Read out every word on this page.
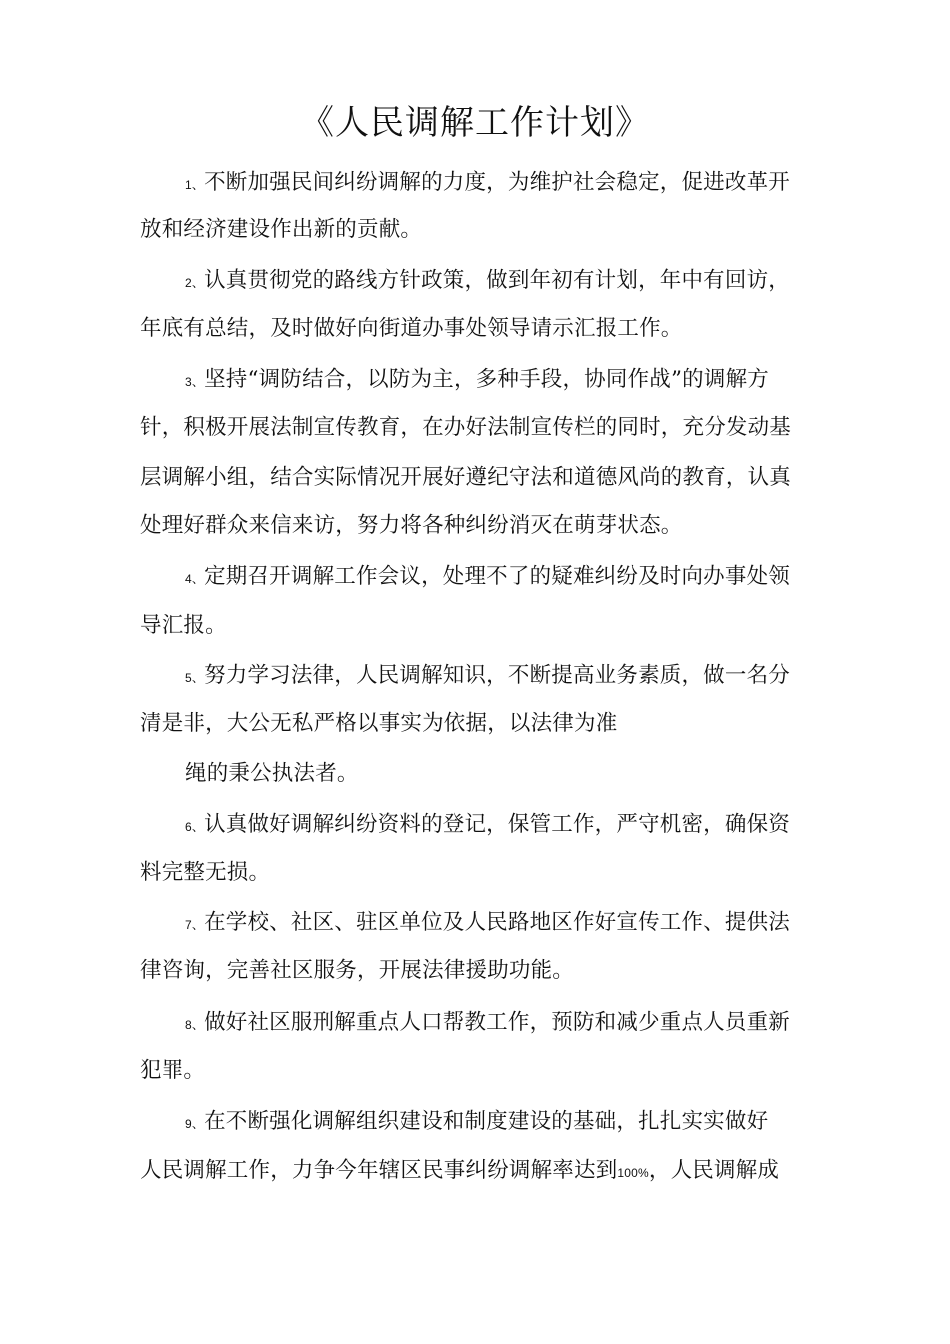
《人民调解工作计划》
1、不断加强民间纠纷调解的力度，为维护社会稳定，促进改革开
放和经济建设作出新的贡献。
2、认真贯彻党的路线方针政策，做到年初有计划，年中有回访，
年底有总结，及时做好向街道办事处领导请示汇报工作。
3、坚持“调防结合，以防为主，多种手段，协同作战”的调解方
针，积极开展法制宣传教育，在办好法制宣传栏的同时，充分发动基
层调解小组，结合实际情况开展好遵纪守法和道德风尚的教育，认真
处理好群众来信来访，努力将各种纠纷消灭在萌芽状态。
4、定期召开调解工作会议，处理不了的疑难纠纷及时向办事处领
导汇报。
5、努力学习法律，人民调解知识，不断提高业务素质，做一名分
清是非，大公无私严格以事实为依据，以法律为准
绳的秉公执法者。
6、认真做好调解纠纷资料的登记，保管工作，严守机密，确保资
料完整无损。
7、在学校、社区、驻区单位及人民路地区作好宣传工作、提供法
律咨询，完善社区服务，开展法律援助功能。
8、做好社区服刑解重点人口帮教工作，预防和减少重点人员重新
犯罪。
9、在不断强化调解组织建设和制度建设的基础，扎扎实实做好
人民调解工作，力争今年辖区民事纠纷调解率达到100%，人民调解成
